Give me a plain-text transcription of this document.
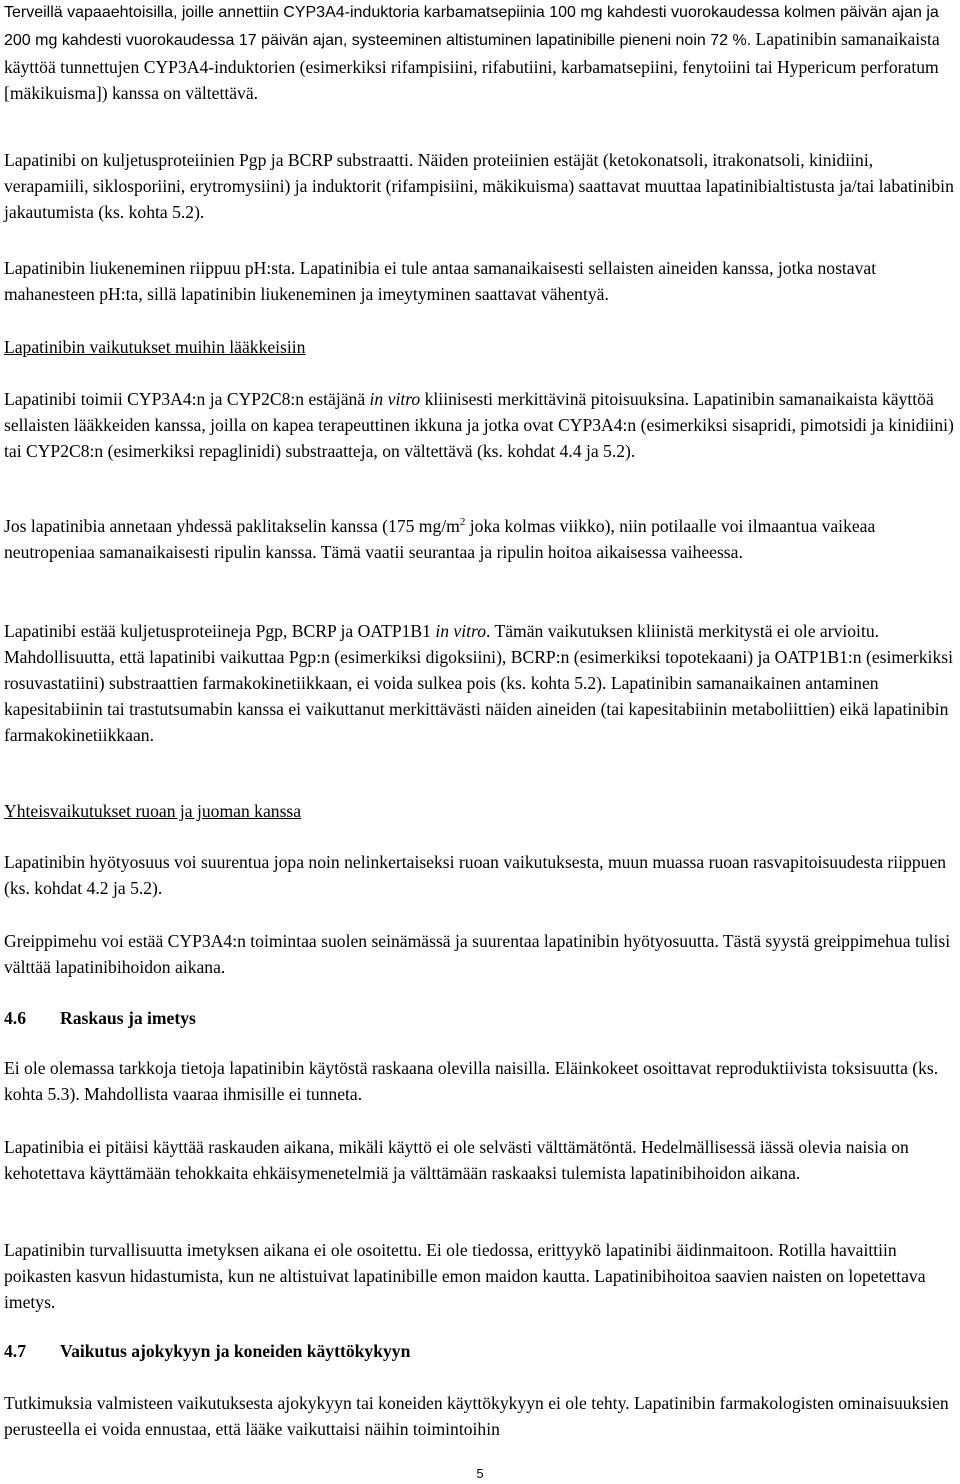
Terveillä vapaaehtoisilla, joille annettiin CYP3A4-induktoria karbamatsepiinia 100 mg kahdesti vuorokaudessa kolmen päivän ajan ja 200 mg kahdesti vuorokaudessa 17 päivän ajan, systeeminen altistuminen lapatinibille pieneni noin 72 %. Lapatinibin samanaikaista käyttöä tunnettujen CYP3A4-induktorien (esimerkiksi rifampisiini, rifabutiini, karbamatsepiini, fenytoiini tai Hypericum perforatum [mäkikuisma]) kanssa on vältettävä.

Lapatinibi on kuljetusproteiinien Pgp ja BCRP substraatti. Näiden proteiinien estäjät (ketokonatsoli, itrakonatsoli, kinidiini, verapamiili, siklosporiini, erytromysiini) ja induktorit (rifampisiini, mäkikuisma) saattavat muuttaa lapatinibialtistusta ja/tai labatinibin jakautumista (ks. kohta 5.2).

Lapatinibin liukeneminen riippuu pH:sta. Lapatinibia ei tule antaa samanaikaisesti sellaisten aineiden kanssa, jotka nostavat mahanesteen pH:ta, sillä lapatinibin liukeneminen ja imeytyminen saattavat vähentyä.

Lapatinibin vaikutukset muihin lääkkeisiin

Lapatinibi toimii CYP3A4:n ja CYP2C8:n estäjänä in vitro kliinisesti merkittävinä pitoisuuksina. Lapatinibin samanaikaista käyttöä sellaisten lääkkeiden kanssa, joilla on kapea terapeuttinen ikkuna ja jotka ovat CYP3A4:n (esimerkiksi sisapridi, pimotsidi ja kinidiini) tai CYP2C8:n (esimerkiksi repaglinidi) substraatteja, on vältettävä (ks. kohdat 4.4 ja 5.2).

Jos lapatinibia annetaan yhdessä paklitakselin kanssa (175 $mg/m^2$ joka kolmas viikko), niin potilaalle voi ilmaantua vaikeaa neutropeniaa samanaikaisesti ripulin kanssa. Tämä vaatii seurantaa ja ripulin hoitoa aikaisessa vaiheessa.

Lapatinibi estää kuljetusproteiineja Pgp, BCRP ja OATP1B1 in vitro. Tämän vaikutuksen kliinistä merkitystä ei ole arvioitu. Mahdollisuutta, että lapatinibi vaikuttaa Pgp:n (esimerkiksi digoksiini), BCRP:n (esimerkiksi topotekaani) ja OATP1B1:n (esimerkiksi rosuvastatiini) substraattien farmakokinetiikkaan, ei voida sulkea pois (ks. kohta 5.2). Lapatinibin samanaikainen antaminen kapesitabiinin tai trastutsumabin kanssa ei vaikuttanut merkittävästi näiden aineiden (tai kapesitabiinin metaboliittien) eikä lapatinibin farmakokinetiikkaan.

Yhteisvaikutukset ruoan ja juoman kanssa

Lapatinibin hyötyosuus voi suurentua jopa noin nelinkertaiseksi ruoan vaikutuksesta, muun muassa ruoan rasvapitoisuudesta riippuen (ks. kohdat 4.2 ja 5.2).

Greippimehu voi estää CYP3A4:n toimintaa suolen seinämässä ja suurentaa lapatinibin hyötyosuutta. Tästä syystä greippimehua tulisi välttää lapatinibihoidon aikana.

4.6 Raskaus ja imetys

Ei ole olemassa tarkkoja tietoja lapatinibin käytöstä raskaana olevilla naisilla. Eläinkokeet osoittavat reproduktiivista toksisuutta (ks. kohta 5.3). Mahdollista vaaraa ihmisille ei tunneta.

Lapatinibia ei pitäisi käyttää raskauden aikana, mikäli käyttö ei ole selvästi välttämätöntä. Hedelmällisessä iässä olevia naisia on kehotettava käyttämään tehokkaita ehkäisymenetelmiä ja välttämään raskaaksi tulemista lapatinibihoidon aikana.

Lapatinibin turvallisuutta imetyksen aikana ei ole osoitettu. Ei ole tiedossa, erittyykö lapatinibi äidinmaitoon. Rotilla havaittiin poikasten kasvun hidastumista, kun ne altistuivat lapatinibille emon maidon kautta. Lapatinibihoitoa saavien naisten on lopetettava imetys.

4.7 Vaikutus ajokykyyn ja koneiden käyttökykyyn

Tutkimuksia valmisteen vaikutuksesta ajokykyyn tai koneiden käyttökykyyn ei ole tehty. Lapatinibin farmakologisten ominaisuuksien perusteella ei voida ennustaa, että lääke vaikuttaisi näihin toimintoihin

5
